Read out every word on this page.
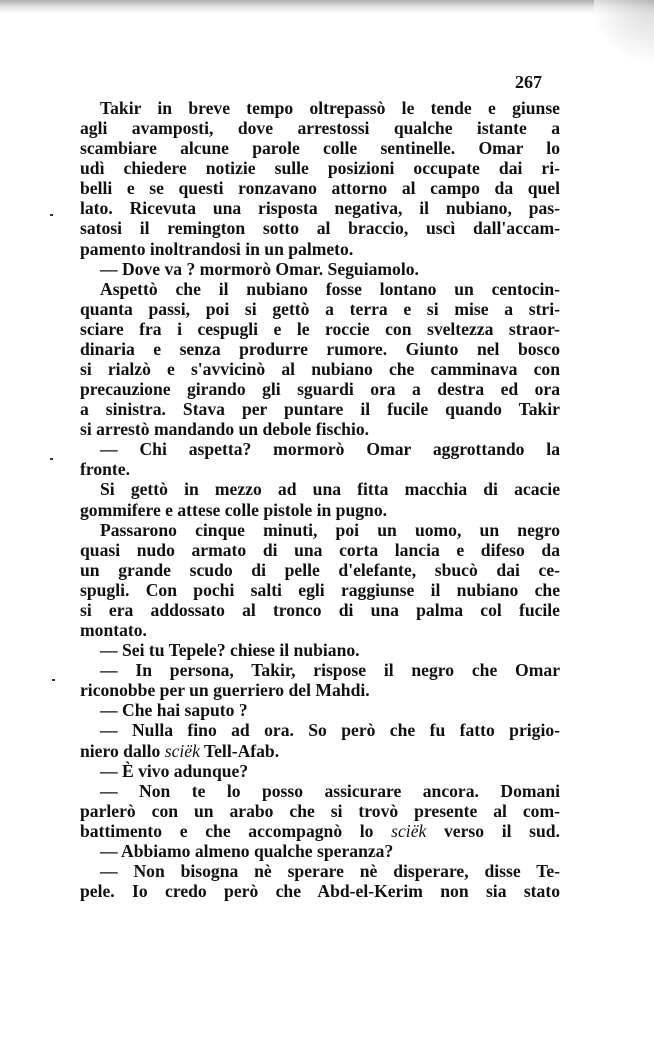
267
Takir in breve tempo oltrepassò le tende e giunse
agli avamposti, dove arrestossi qualche istante a
scambiare alcune parole colle sentinelle. Omar lo
udì chiedere notizie sulle posizioni occupate dai ri-
belli e se questi ronzavano attorno al campo da quel
lato. Ricevuta una risposta negativa, il nubiano, pas-
satosi il remington sotto al braccio, uscì dall'accam-
pamento inoltrandosi in un palmeto.
— Dove va ? mormorò Omar. Seguiamolo.
Aspettò che il nubiano fosse lontano un centocin-
quanta passi, poi si gettò a terra e si mise a stri-
sciare fra i cespugli e le roccie con sveltezza straor-
dinaria e senza produrre rumore. Giunto nel bosco
si rialzò e s'avvicinò al nubiano che camminava con
precauzione girando gli sguardi ora a destra ed ora
a sinistra. Stava per puntare il fucile quando Takir
si arrestò mandando un debole fischio.
— Chi aspetta? mormorò Omar aggrottando la
fronte.
Si gettò in mezzo ad una fitta macchia di acacie
gommifere e attese colle pistole in pugno.
Passarono cinque minuti, poi un uomo, un negro
quasi nudo armato di una corta lancia e difeso da
un grande scudo di pelle d'elefante, sbucò dai ce-
spugli. Con pochi salti egli raggiunse il nubiano che
si era addossato al tronco di una palma col fucile
montato.
— Sei tu Tepele? chiese il nubiano.
— In persona, Takir, rispose il negro che Omar
riconobbe per un guerriero del Mahdi.
— Che hai saputo ?
— Nulla fino ad ora. So però che fu fatto prigio-
niero dallo sciëk Tell-Afab.
— È vivo adunque?
— Non te lo posso assicurare ancora. Domani
parlerò con un arabo che si trovò presente al com-
battimento e che accompagnò lo sciëk verso il sud.
— Abbiamo almeno qualche speranza?
— Non bisogna nè sperare nè disperare, disse Te-
pele. Io credo però che Abd-el-Kerim non sia stato
